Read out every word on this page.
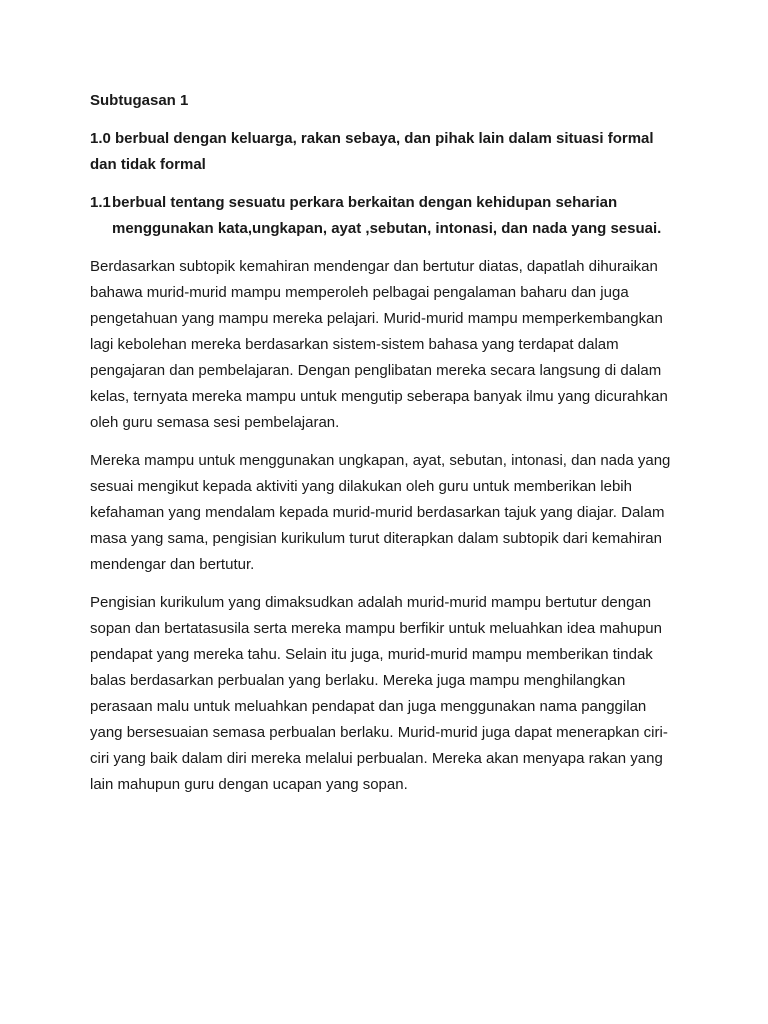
Subtugasan 1
1.0 berbual dengan keluarga, rakan sebaya, dan pihak lain dalam situasi formal dan tidak formal
1.1 berbual tentang sesuatu perkara berkaitan dengan kehidupan seharian menggunakan kata,ungkapan, ayat ,sebutan, intonasi, dan nada yang sesuai.

Berdasarkan subtopik kemahiran mendengar dan bertutur diatas, dapatlah dihuraikan bahawa murid-murid mampu memperoleh pelbagai pengalaman baharu dan juga pengetahuan yang mampu mereka pelajari. Murid-murid mampu memperkembangkan lagi kebolehan mereka berdasarkan sistem-sistem bahasa yang terdapat dalam pengajaran dan pembelajaran. Dengan penglibatan mereka secara langsung di dalam kelas, ternyata mereka mampu untuk mengutip seberapa banyak ilmu yang dicurahkan oleh guru semasa sesi pembelajaran.

Mereka mampu untuk menggunakan ungkapan, ayat, sebutan, intonasi, dan nada yang sesuai mengikut kepada aktiviti yang dilakukan oleh guru untuk memberikan lebih kefahaman yang mendalam kepada murid-murid berdasarkan tajuk yang diajar. Dalam masa yang sama, pengisian kurikulum turut diterapkan dalam subtopik dari kemahiran mendengar dan bertutur.

Pengisian kurikulum yang dimaksudkan adalah murid-murid mampu bertutur dengan sopan dan bertatasusila serta mereka mampu berfikir untuk meluahkan idea mahupun pendapat yang mereka tahu. Selain itu juga, murid-murid mampu memberikan tindak balas berdasarkan perbualan yang berlaku. Mereka juga mampu menghilangkan perasaan malu untuk meluahkan pendapat dan juga menggunakan nama panggilan yang bersesuaian semasa perbualan berlaku. Murid-murid juga dapat menerapkan ciri-ciri yang baik dalam diri mereka melalui perbualan. Mereka akan menyapa rakan yang lain mahupun guru dengan ucapan yang sopan.
